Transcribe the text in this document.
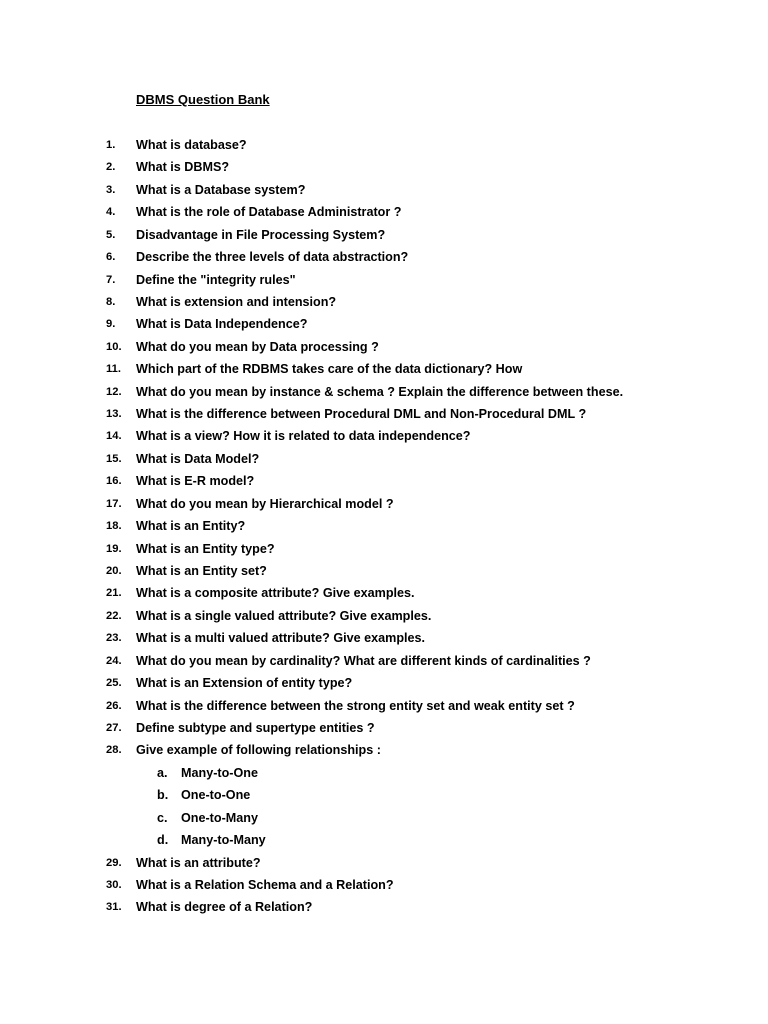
DBMS Question Bank
1.	What is database?
2.	What is DBMS?
3.	What is a Database system?
4.	What is the role of Database Administrator ?
5.	Disadvantage in File Processing System?
6.	Describe the three levels of data abstraction?
7.	Define the "integrity rules"
8.	What is extension and intension?
9.	What is Data Independence?
10.	What do you mean by Data processing ?
11.	Which part of the RDBMS takes care of the data dictionary? How
12.	What do you mean by instance & schema ? Explain the difference between these.
13.	What is the difference between Procedural DML and Non-Procedural DML ?
14.	What is a view? How it is related to data independence?
15.	What is Data Model?
16.	What is E-R model?
17.	What do you mean by Hierarchical model ?
18.	What is an Entity?
19.	What is an Entity type?
20.	What is an Entity set?
21.	What is a composite attribute? Give examples.
22.	What is a single valued attribute? Give examples.
23.	What is a multi valued attribute? Give examples.
24.	What do you mean by cardinality? What are different kinds of cardinalities ?
25.	What is an Extension of entity type?
26.	What is the difference between the strong entity set and weak entity set ?
27.	Define subtype and supertype entities ?
28.	Give example of following relationships :
a.	Many-to-One
b.	One-to-One
c.	One-to-Many
d.	Many-to-Many
29.	What is an attribute?
30.	What is a Relation Schema and a Relation?
31.	What is degree of a Relation?
